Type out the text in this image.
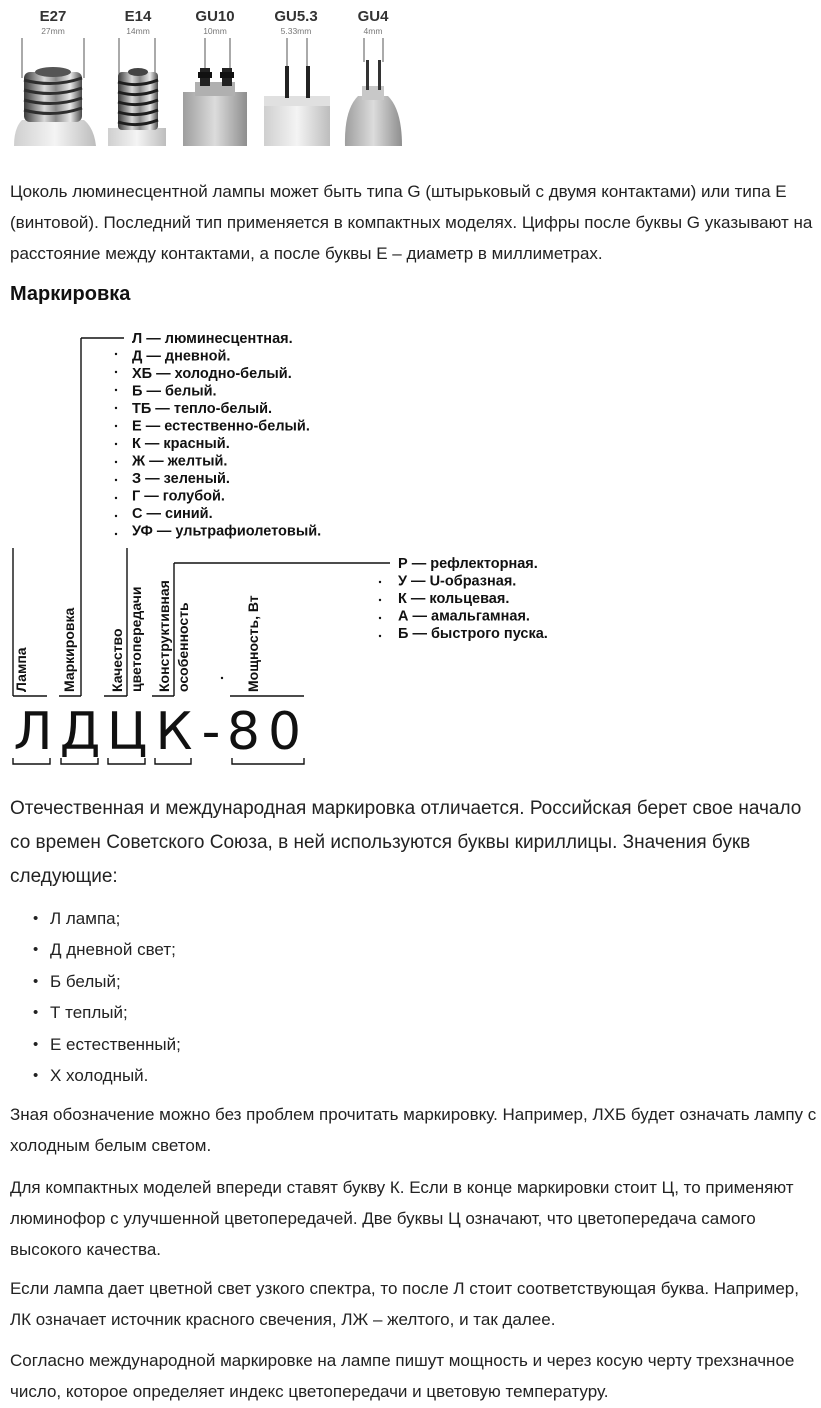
E27
27mm
E14
14mm
GU10
10mm
GU5.3
5.33mm
GU4
4mm

Цоколь люминесцентной лампы может быть типа G (штырьковый с двумя контактами) или типа Е (винтовой). Последний тип применяется в компактных моделях. Цифры после буквы G указывают на расстояние между контактами, а после буквы Е – диаметр в миллиметрах.

Маркировка
Л — люминесцентная.
Д — дневной.
ХБ — холодно-белый.
Б — белый.
ТБ — тепло-белый.
Е — естественно-белый.
К — красный.
Ж — желтый.
З — зеленый.
Г — голубой.
С — синий.
УФ — ультрафиолетовый.
Р — рефлекторная.
У — U-образная.
К — кольцевая.
А — амальгамная.
Б — быстрого пуска.
Лампа Маркировка Качество цветопередачи Конструктивная особенность	Мощность, Вт
Л Д Ц К - 80

Отечественная и международная маркировка отличается. Российская берет свое начало со времен Советского Союза, в ней используются буквы кириллицы. Значения букв следующие:

• Л лампа;
• Д дневной свет;
• Б белый;
• Т теплый;
• Е естественный;
• Х холодный.

Зная обозначение можно без проблем прочитать маркировку. Например, ЛХБ будет означать лампу с холодным белым светом.

Для компактных моделей впереди ставят букву К. Если в конце маркировки стоит Ц, то применяют люминофор с улучшенной цветопередачей. Две буквы Ц означают, что цветопередача самого высокого качества.

Если лампа дает цветной свет узкого спектра, то после Л стоит соответствующая буква. Например, ЛК означает источник красного свечения, ЛЖ – желтого, и так далее.

Согласно международной маркировке на лампе пишут мощность и через косую черту трехзначное число, которое определяет индекс цветопередачи и цветовую температуру.
